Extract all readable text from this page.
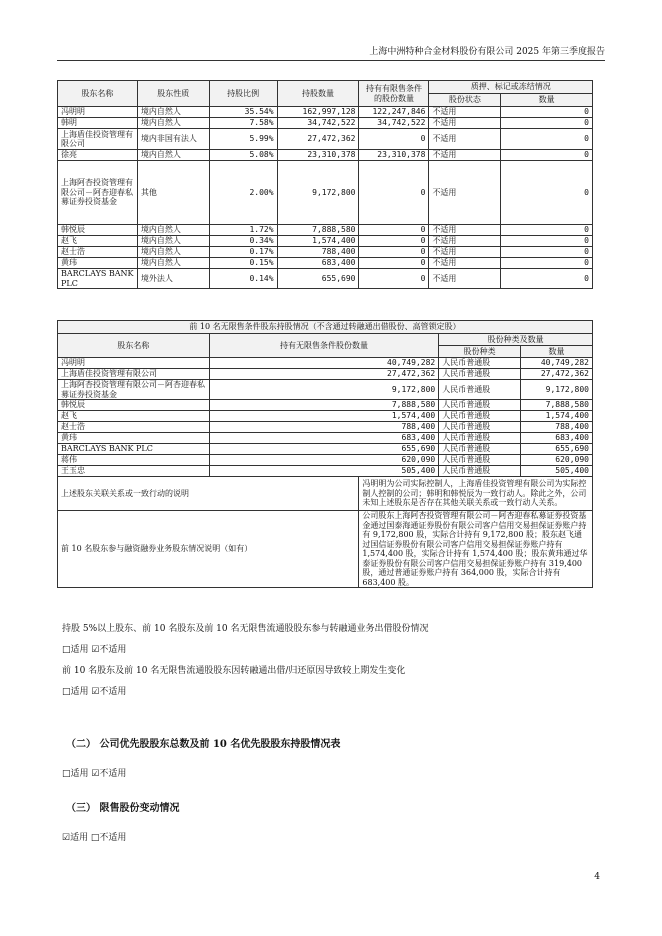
上海中洲特种合金材料股份有限公司 2025 年第三季度报告
股东名称	股东性质	持股比例	持股数量	持有有限售条件的股份数量	质押、标记或冻结情况	
					股份状态	数量
冯明明	境内自然人	35.54%	162,997,128	122,247,846	不适用	0
韩明	境内自然人	7.58%	34,742,522	34,742,522	不适用	0
上海盾佳投资管理有限公司	境内非国有法人	5.99%	27,472,362	0	不适用	0
徐亮	境内自然人	5.08%	23,310,378	23,310,378	不适用	0
上海阿杏投资管理有限公司－阿杏迎春私募证券投资基金	其他	2.00%	9,172,800	0	不适用	0
韩悦辰	境内自然人	1.72%	7,888,580	0	不适用	0
赵飞	境内自然人	0.34%	1,574,400	0	不适用	0
赵士浩	境内自然人	0.17%	788,400	0	不适用	0
黄玮	境内自然人	0.15%	683,400	0	不适用	0
BARCLAYS BANK PLC	境外法人	0.14%	655,690	0	不适用	0
前 10 名无限售条件股东持股情况（不含通过转融通出借股份、高管锁定股）				
股东名称	持有无限售条件股份数量		股份种类及数量	
			股份种类	数量
冯明明	40,749,282		人民币普通股	40,749,282
上海盾佳投资管理有限公司	27,472,362		人民币普通股	27,472,362
上海阿杏投资管理有限公司－阿杏迎春私募证券投资基金	9,172,800		人民币普通股	9,172,800
韩悦辰	7,888,580		人民币普通股	7,888,580
赵飞	1,574,400		人民币普通股	1,574,400
赵士浩	788,400		人民币普通股	788,400
黄玮	683,400		人民币普通股	683,400
BARCLAYS BANK PLC	655,690		人民币普通股	655,690
蒋伟	620,090		人民币普通股	620,090
王玉忠	505,400		人民币普通股	505,400
上述股东关联关系或一致行动的说明		冯明明为公司实际控制人，上海盾佳投资管理有限公司为实际控制人控制的公司；韩明和韩悦辰为一致行动人。除此之外，公司未知上述股东是否存在其他关联关系或一致行动人关系。		
前 10 名股东参与融资融券业务股东情况说明（如有）		公司股东上海阿杏投资管理有限公司－阿杏迎春私募证券投资基金通过国泰海通证券股份有限公司客户信用交易担保证券账户持有 9,172,800 股，实际合计持有 9,172,800 股；股东赵飞通过国信证券股份有限公司客户信用交易担保证券账户持有 1,574,400 股，实际合计持有 1,574,400 股；股东黄玮通过华泰证券股份有限公司客户信用交易担保证券账户持有 319,400 股，通过普通证券账户持有 364,000 股，实际合计持有 683,400 股。		
持股 5%以上股东、前 10 名股东及前 10 名无限售流通股股东参与转融通业务出借股份情况
□适用 ☑不适用
前 10 名股东及前 10 名无限售流通股股东因转融通出借/归还原因导致较上期发生变化
□适用 ☑不适用
（二） 公司优先股股东总数及前 10 名优先股股东持股情况表
□适用 ☑不适用
（三） 限售股份变动情况
☑适用 □不适用
4
